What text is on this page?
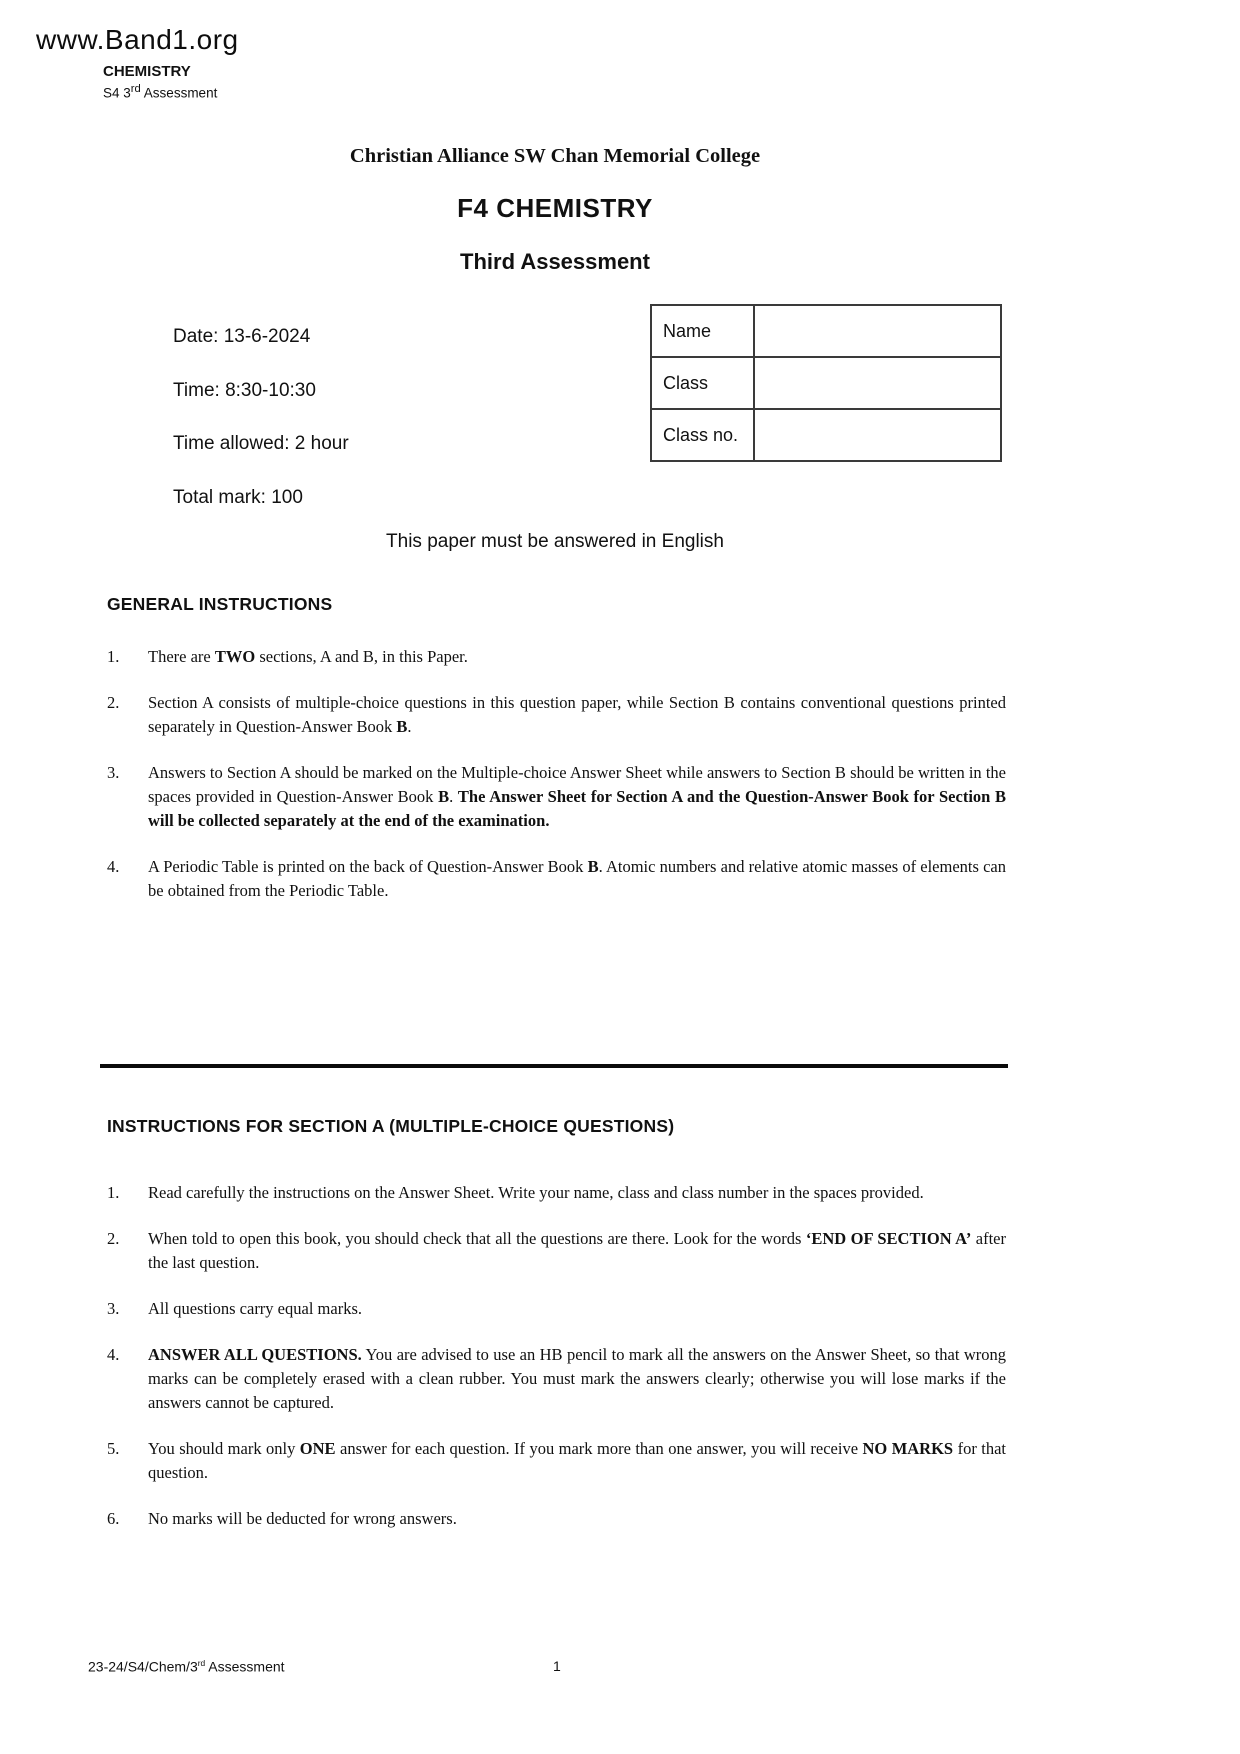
www.Band1.org
CHEMISTRY
S4 3rd Assessment
Christian Alliance SW Chan Memorial College
F4 CHEMISTRY
Third Assessment
Date: 13-6-2024
Time: 8:30-10:30
Time allowed: 2 hour
Total mark: 100
Name	
Class	
Class no.	
This paper must be answered in English
GENERAL INSTRUCTIONS
1. There are TWO sections, A and B, in this Paper.
2. Section A consists of multiple-choice questions in this question paper, while Section B contains conventional questions printed separately in Question-Answer Book B.
3. Answers to Section A should be marked on the Multiple-choice Answer Sheet while answers to Section B should be written in the spaces provided in Question-Answer Book B. The Answer Sheet for Section A and the Question-Answer Book for Section B will be collected separately at the end of the examination.
4. A Periodic Table is printed on the back of Question-Answer Book B. Atomic numbers and relative atomic masses of elements can be obtained from the Periodic Table.
INSTRUCTIONS FOR SECTION A (MULTIPLE-CHOICE QUESTIONS)
1. Read carefully the instructions on the Answer Sheet. Write your name, class and class number in the spaces provided.
2. When told to open this book, you should check that all the questions are there. Look for the words ‘END OF SECTION A’ after the last question.
3. All questions carry equal marks.
4. ANSWER ALL QUESTIONS. You are advised to use an HB pencil to mark all the answers on the Answer Sheet, so that wrong marks can be completely erased with a clean rubber. You must mark the answers clearly; otherwise you will lose marks if the answers cannot be captured.
5. You should mark only ONE answer for each question. If you mark more than one answer, you will receive NO MARKS for that question.
6. No marks will be deducted for wrong answers.
23-24/S4/Chem/3rd Assessment	1
